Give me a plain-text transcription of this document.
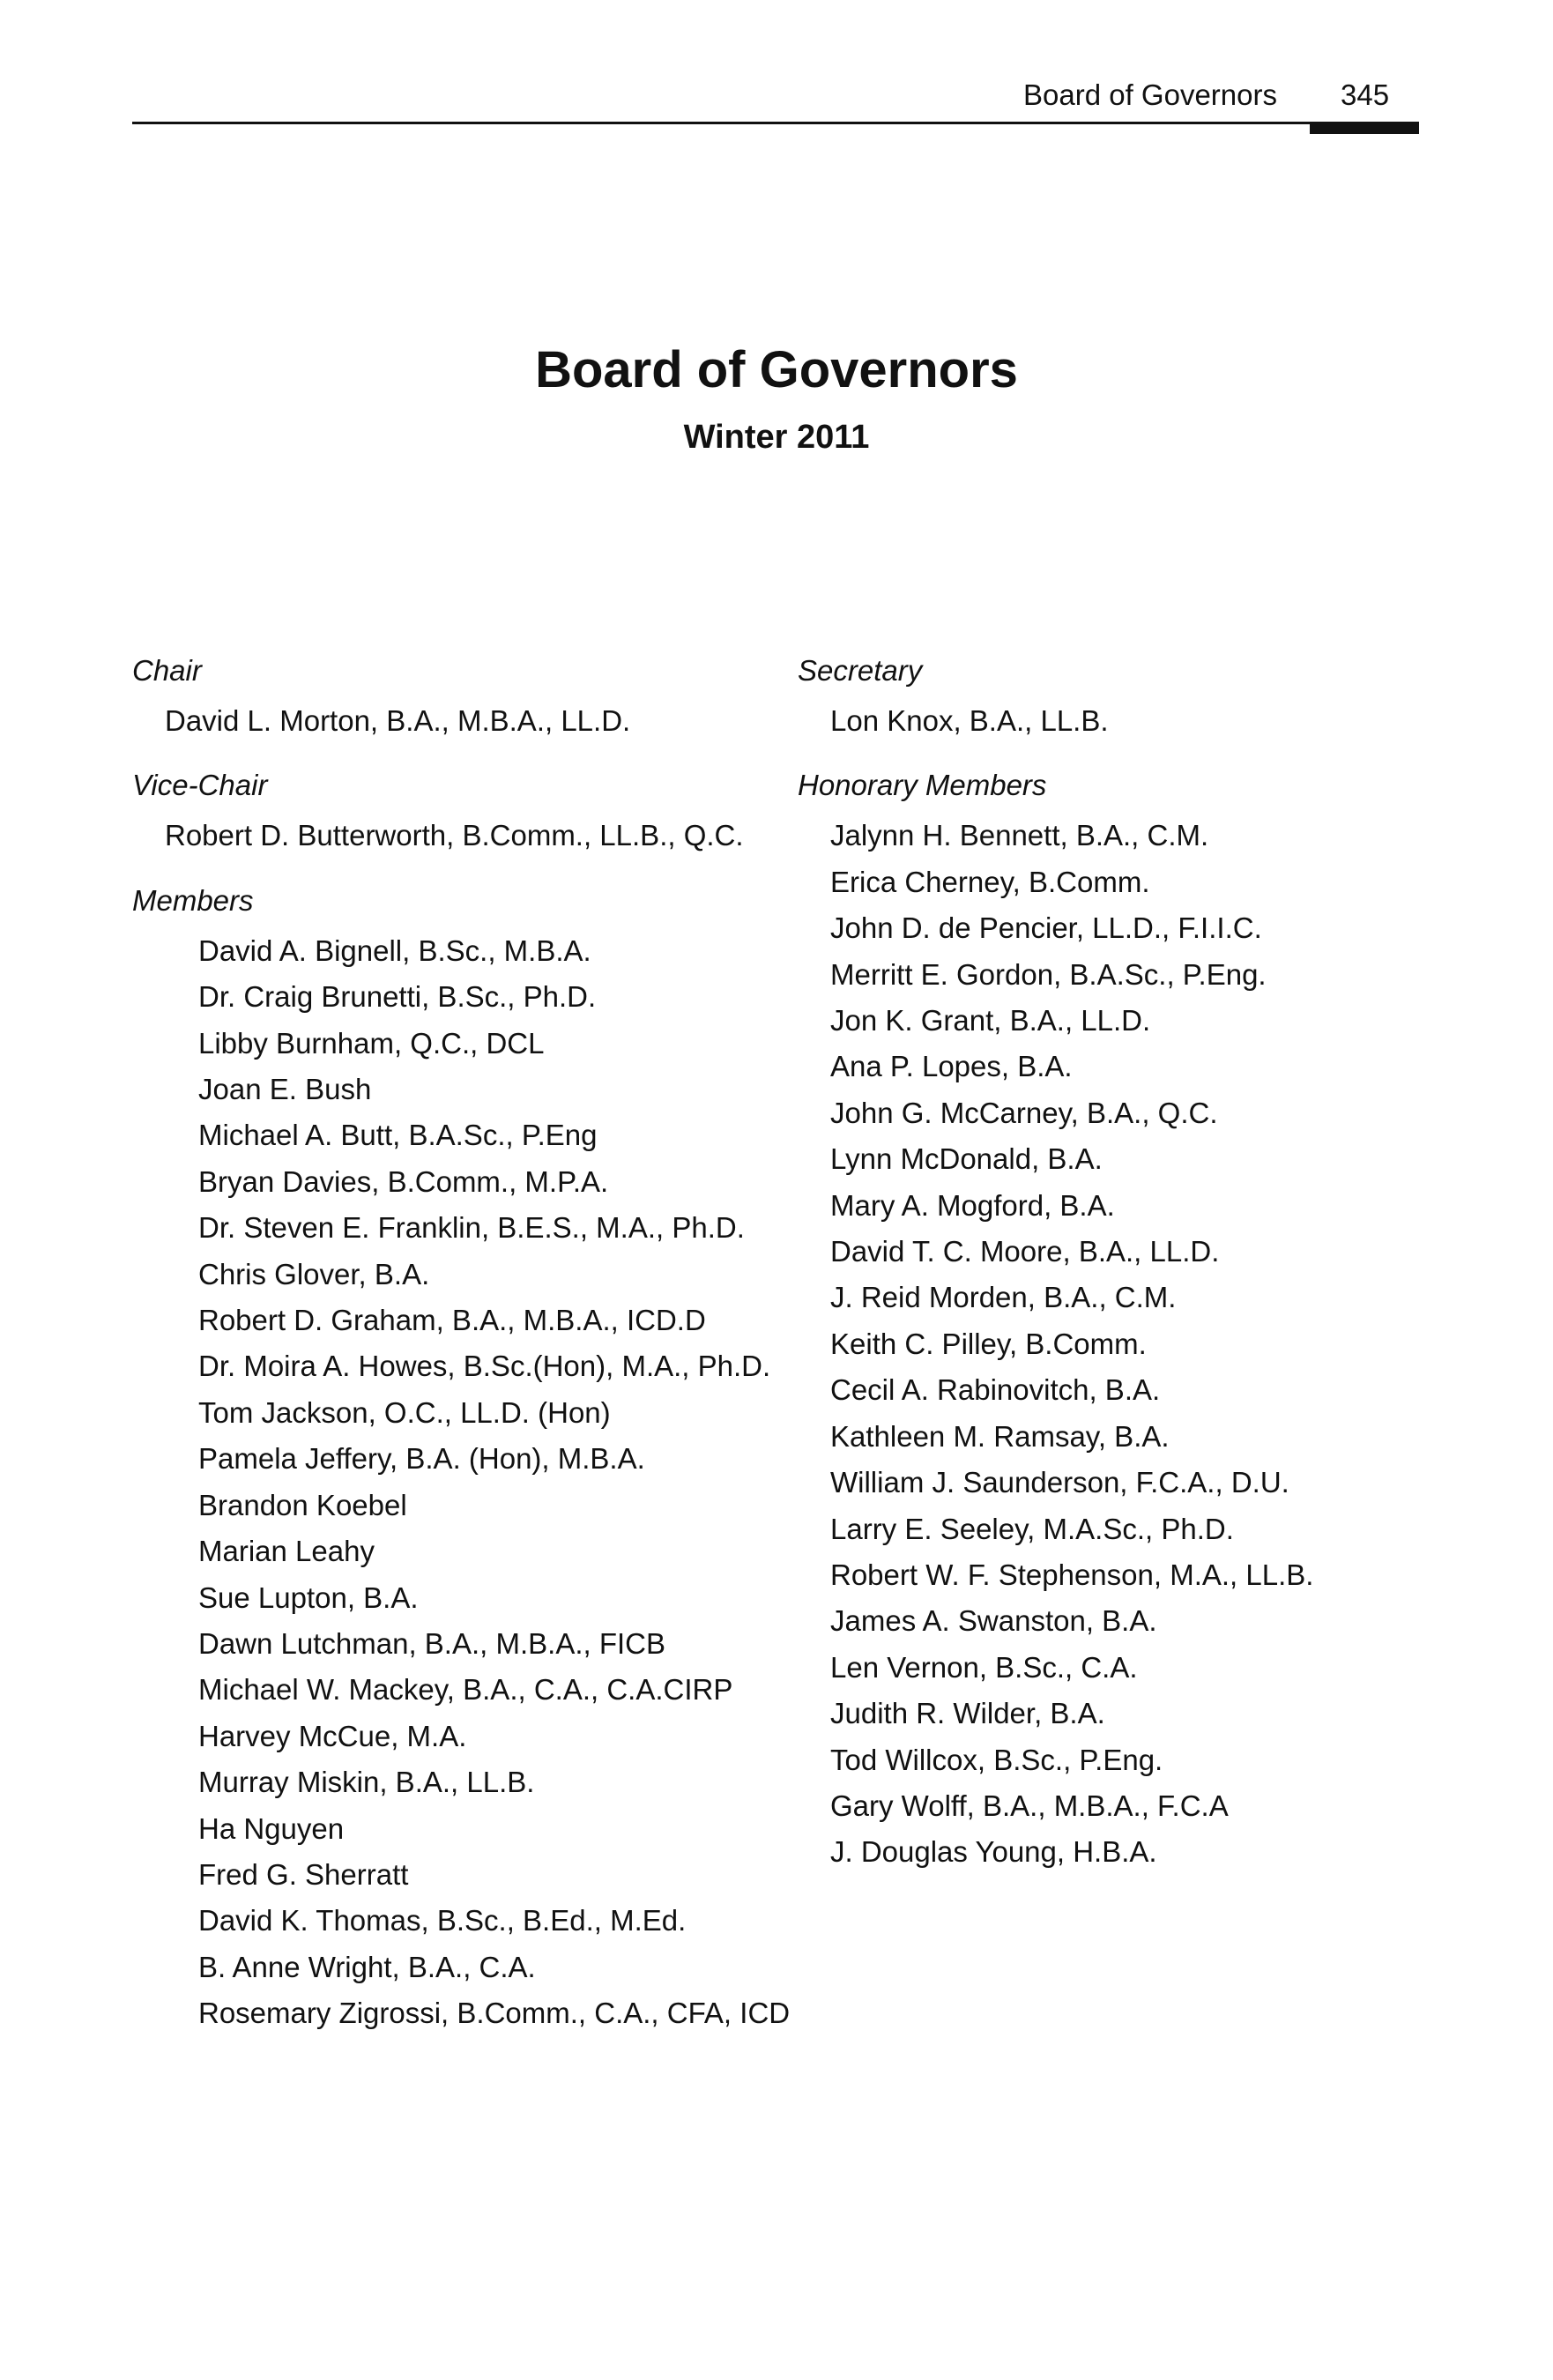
Board of Governors 345
Board of Governors
Winter 2011
Chair
David L. Morton, B.A., M.B.A., LL.D.
Vice-Chair
Robert D. Butterworth, B.Comm., LL.B., Q.C.
Members
David A. Bignell, B.Sc., M.B.A.
Dr. Craig Brunetti, B.Sc., Ph.D.
Libby Burnham, Q.C., DCL
Joan E. Bush
Michael A. Butt, B.A.Sc., P.Eng
Bryan Davies, B.Comm., M.P.A.
Dr. Steven E. Franklin, B.E.S., M.A., Ph.D.
Chris Glover, B.A.
Robert D. Graham, B.A., M.B.A., ICD.D
Dr. Moira A. Howes, B.Sc.(Hon), M.A., Ph.D.
Tom Jackson, O.C., LL.D. (Hon)
Pamela Jeffery, B.A. (Hon), M.B.A.
Brandon Koebel
Marian Leahy
Sue Lupton, B.A.
Dawn Lutchman, B.A., M.B.A., FICB
Michael W. Mackey, B.A., C.A., C.A.CIRP
Harvey McCue, M.A.
Murray Miskin, B.A., LL.B.
Ha Nguyen
Fred G. Sherratt
David K. Thomas, B.Sc., B.Ed., M.Ed.
B. Anne Wright, B.A., C.A.
Rosemary Zigrossi, B.Comm., C.A., CFA, ICD
Secretary
Lon Knox, B.A., LL.B.
Honorary Members
Jalynn H. Bennett, B.A., C.M.
Erica Cherney, B.Comm.
John D. de Pencier, LL.D., F.I.I.C.
Merritt E. Gordon, B.A.Sc., P.Eng.
Jon K. Grant, B.A., LL.D.
Ana P. Lopes, B.A.
John G. McCarney, B.A., Q.C.
Lynn McDonald, B.A.
Mary A. Mogford, B.A.
David T. C. Moore, B.A., LL.D.
J. Reid Morden, B.A., C.M.
Keith C. Pilley, B.Comm.
Cecil A. Rabinovitch, B.A.
Kathleen M. Ramsay, B.A.
William J. Saunderson, F.C.A., D.U.
Larry E. Seeley, M.A.Sc., Ph.D.
Robert W. F. Stephenson, M.A., LL.B.
James A. Swanston, B.A.
Len Vernon, B.Sc., C.A.
Judith R. Wilder, B.A.
Tod Willcox, B.Sc., P.Eng.
Gary Wolff, B.A., M.B.A., F.C.A
J. Douglas Young, H.B.A.
